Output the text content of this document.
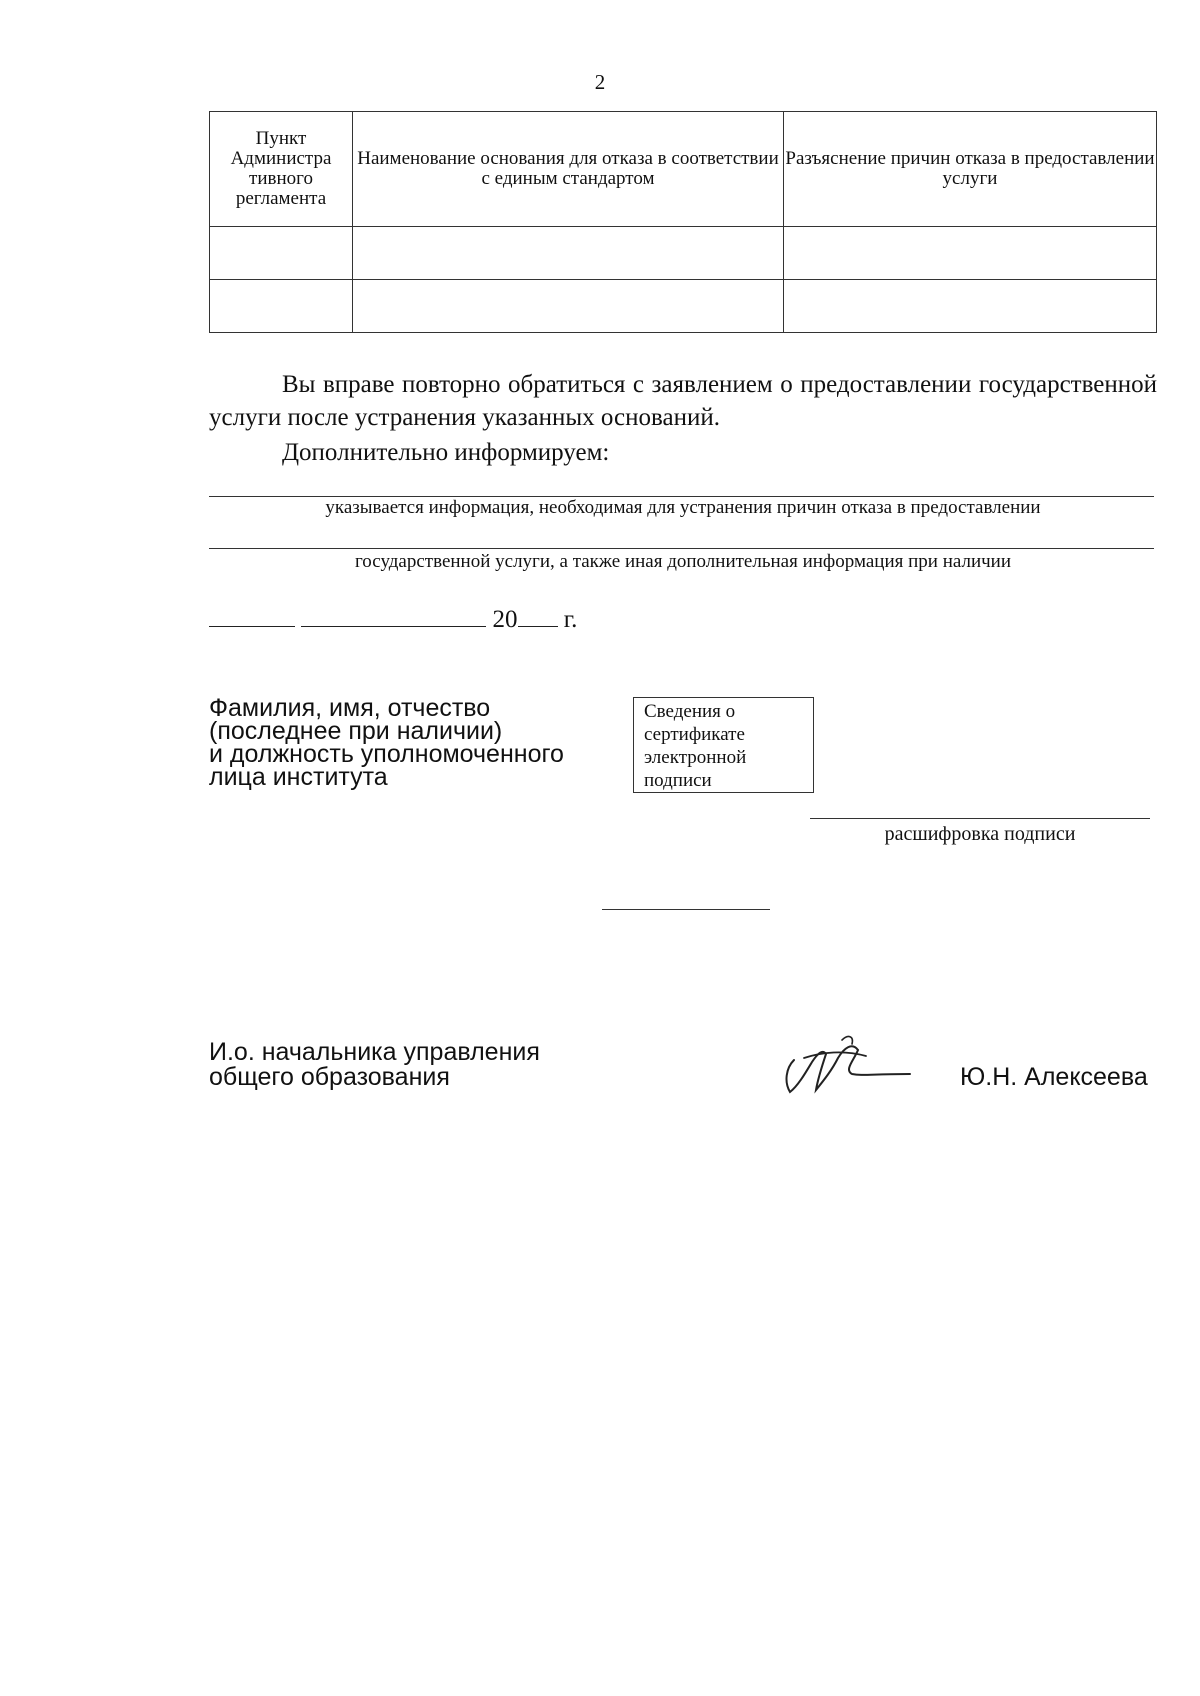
2
Пункт Администра тивного регламента	Наименование основания для отказа в соответствии с единым стандартом	Разъяснение причин отказа в предоставлении услуги

Вы вправе повторно обратиться с заявлением о предоставлении государственной услуги после устранения указанных оснований.
Дополнительно информируем:
указывается информация, необходимая для устранения причин отказа в предоставлении
государственной услуги, а также иная дополнительная информация при наличии
20 г.
Фамилия, имя, отчество
(последнее при наличии)
и должность уполномоченного
лица института
Сведения о
сертификате
электронной
подписи
расшифровка подписи
И.о. начальника управления
общего образования	Ю.Н. Алексеева
